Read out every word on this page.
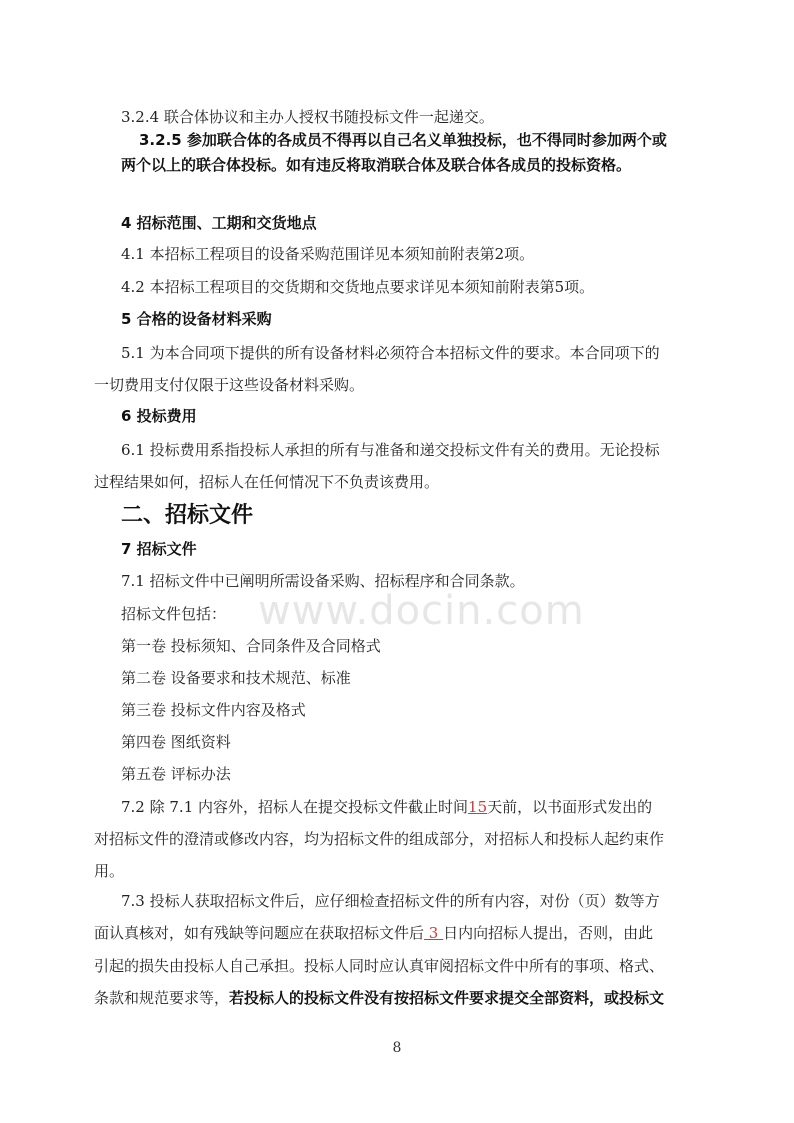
www.docin.com
3.2.4 联合体协议和主办人授权书随投标文件一起递交。
3.2.5 参加联合体的各成员不得再以自己名义单独投标，也不得同时参加两个或
两个以上的联合体投标。如有违反将取消联合体及联合体各成员的投标资格。
4 招标范围、工期和交货地点
4.1 本招标工程项目的设备采购范围详见本须知前附表第2项。
4.2 本招标工程项目的交货期和交货地点要求详见本须知前附表第5项。
5 合格的设备材料采购
5.1 为本合同项下提供的所有设备材料必须符合本招标文件的要求。本合同项下的
一切费用支付仅限于这些设备材料采购。
6 投标费用
6.1 投标费用系指投标人承担的所有与准备和递交投标文件有关的费用。无论投标
过程结果如何，招标人在任何情况下不负责该费用。
二、招标文件
7 招标文件
7.1 招标文件中已阐明所需设备采购、招标程序和合同条款。
招标文件包括：
第一卷 投标须知、合同条件及合同格式
第二卷 设备要求和技术规范、标准
第三卷 投标文件内容及格式
第四卷 图纸资料
第五卷 评标办法
7.2 除 7.1 内容外，招标人在提交投标文件截止时间15天前，以书面形式发出的
对招标文件的澄清或修改内容，均为招标文件的组成部分，对招标人和投标人起约束作
用。
7.3 投标人获取招标文件后，应仔细检查招标文件的所有内容，对份（页）数等方
面认真核对，如有残缺等问题应在获取招标文件后 3 日内向招标人提出，否则，由此
引起的损失由投标人自己承担。投标人同时应认真审阅招标文件中所有的事项、格式、
条款和规范要求等，若投标人的投标文件没有按招标文件要求提交全部资料，或投标文
8
